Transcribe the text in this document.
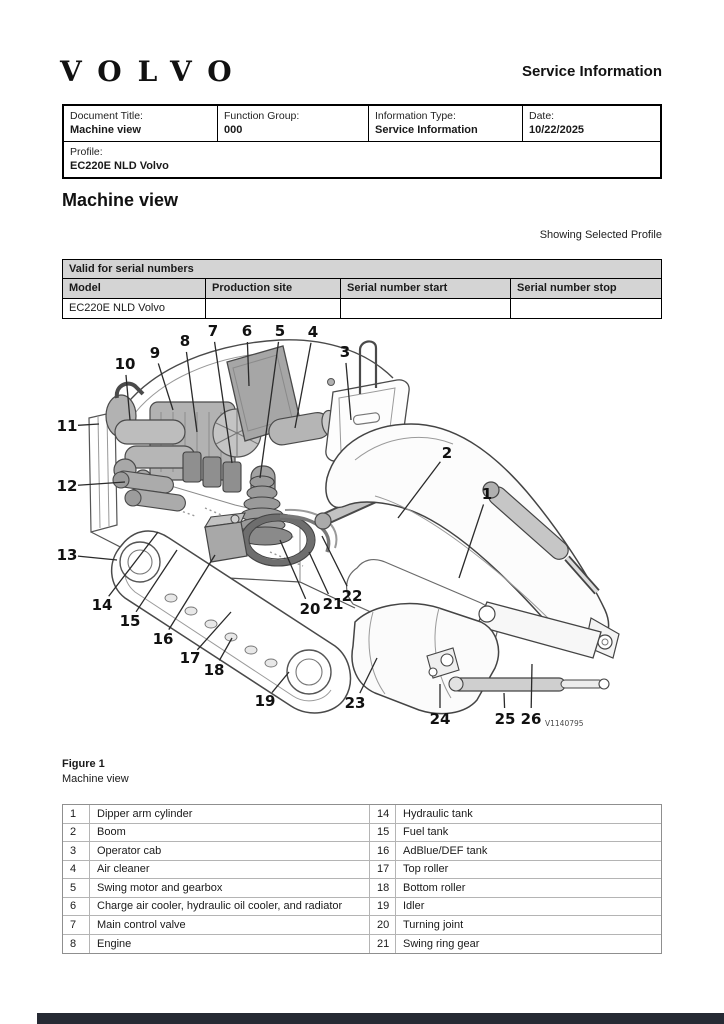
VOLVO	Service Information
Document Title:
Machine view
Function Group:
000
Information Type:
Service Information
Date:
10/22/2025
Profile:
EC220E NLD Volvo
Machine view
Showing Selected Profile
Valid for serial numbers
Model	Production site	Serial number start	Serial number stop
EC220E NLD Volvo
1
2
3
4
5
6
7
8
9
10
11
12
13
14
15
16
17
18
19
20 21
22
23
24	25 26 V1140795
Figure 1
Machine view
1	Dipper arm cylinder	14	Hydraulic tank
2	Boom	15	Fuel tank
3	Operator cab	16	AdBlue/DEF tank
4	Air cleaner	17	Top roller
5	Swing motor and gearbox	18	Bottom roller
6	Charge air cooler, hydraulic oil cooler, and radiator	19	Idler
7	Main control valve	20	Turning joint
8	Engine	21	Swing ring gear
